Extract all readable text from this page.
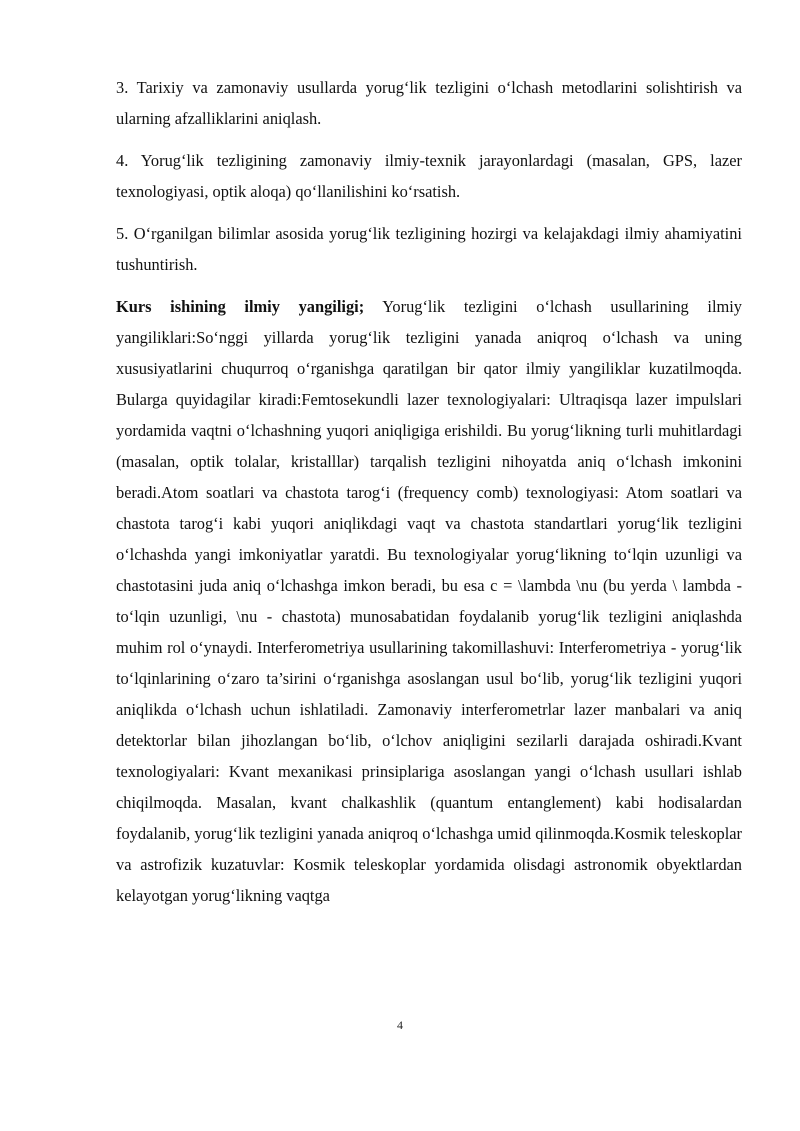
3. Tarixiy va zamonaviy usullarda yorug‘lik tezligini o‘lchash metodlarini solishtirish va ularning afzalliklarini aniqlash.

4. Yorug‘lik tezligining zamonaviy ilmiy-texnik jarayonlardagi (masalan, GPS, lazer texnologiyasi, optik aloqa) qo‘llanilishini ko‘rsatish.

5. O‘rganilgan bilimlar asosida yorug‘lik tezligining hozirgi va kelajakdagi ilmiy ahamiyatini tushuntirish.

Kurs ishining ilmiy yangiligi; Yorug‘lik tezligini o‘lchash usullarining ilmiy yangiliklari:So‘nggi yillarda yorug‘lik tezligini yanada aniqroq o‘lchash va uning xususiyatlarini chuqurroq o‘rganishga qaratilgan bir qator ilmiy yangiliklar kuzatilmoqda. Bularga quyidagilar kiradi:Femtosekundli lazer texnologiyalari: Ultraqisqa lazer impulslari yordamida vaqtni o‘lchashning yuqori aniqligiga erishildi. Bu yorug‘likning turli muhitlardagi (masalan, optik tolalar, kristalllar) tarqalish tezligini nihoyatda aniq o‘lchash imkonini beradi.Atom soatlari va chastota tarog‘i (frequency comb) texnologiyasi: Atom soatlari va chastota tarog‘i kabi yuqori aniqlikdagi vaqt va chastota standartlari yorug‘lik tezligini o‘lchashda yangi imkoniyatlar yaratdi. Bu texnologiyalar yorug‘likning to‘lqin uzunligi va chastotasini juda aniq o‘lchashga imkon beradi, bu esa c = \lambda \nu (bu yerda \ lambda - to‘lqin uzunligi, \nu - chastota) munosabatidan foydalanib yorug‘lik tezligini aniqlashda muhim rol o‘ynaydi. Interferometriya usullarining takomillashuvi: Interferometriya - yorug‘lik to‘lqinlarining o‘zaro ta’sirini o‘rganishga asoslangan usul bo‘lib, yorug‘lik tezligini yuqori aniqlikda o‘lchash uchun ishlatiladi. Zamonaviy interferometrlar lazer manbalari va aniq detektorlar bilan jihozlangan bo‘lib, o‘lchov aniqligini sezilarli darajada oshiradi.Kvant texnologiyalari: Kvant mexanikasi prinsiplariga asoslangan yangi o‘lchash usullari ishlab chiqilmoqda. Masalan, kvant chalkashlik (quantum entanglement) kabi hodisalardan foydalanib, yorug‘lik tezligini yanada aniqroq o‘lchashga umid qilinmoqda.Kosmik teleskoplar va astrofizik kuzatuvlar: Kosmik teleskoplar yordamida olisdagi astronomik obyektlardan kelayotgan yorug‘likning vaqtga

4
